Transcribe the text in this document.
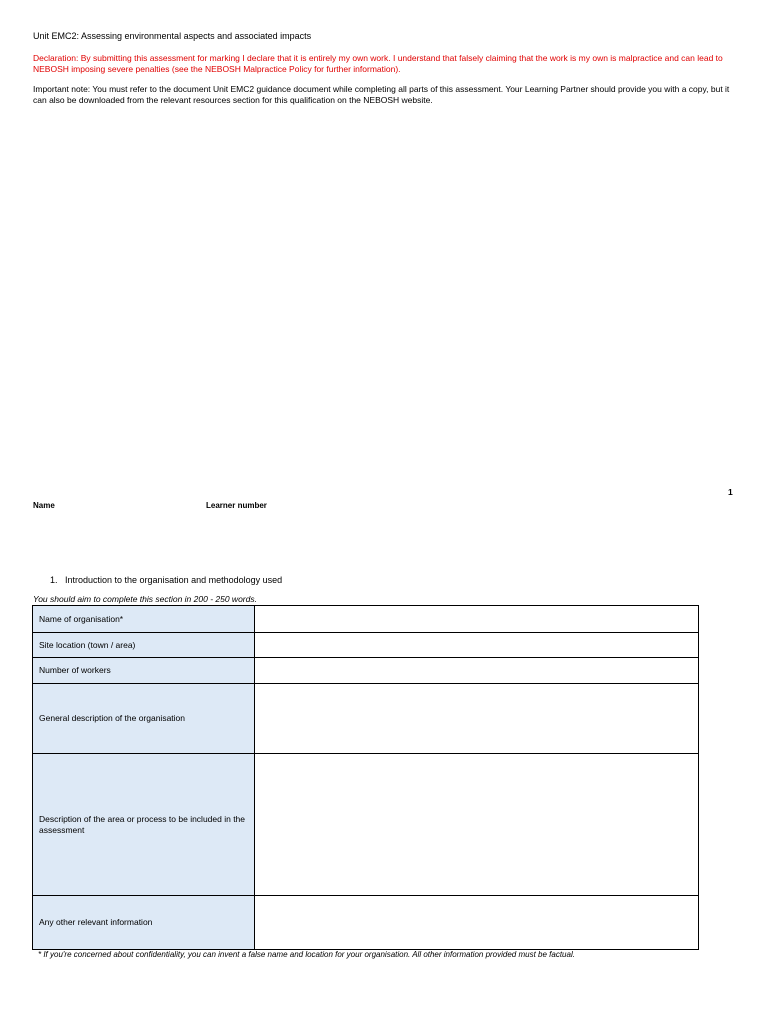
Unit EMC2: Assessing environmental aspects and associated impacts
Declaration: By submitting this assessment for marking I declare that it is entirely my own work. I understand that falsely claiming that the work is my own is malpractice and can lead to NEBOSH imposing severe penalties (see the NEBOSH Malpractice Policy for further information).
Important note: You must refer to the document Unit EMC2 guidance document while completing all parts of this assessment. Your Learning Partner should provide you with a copy, but it can also be downloaded from the relevant resources section for this qualification on the NEBOSH website.
1
Name	Learner number
1. Introduction to the organisation and methodology used
You should aim to complete this section in 200 - 250 words.
Name of organisation*	
Site location (town / area)	
Number of workers	
General description of the organisation	
Description of the area or process to be included in the assessment	
Any other relevant information	
* If you're concerned about confidentiality, you can invent a false name and location for your organisation. All other information provided must be factual.
